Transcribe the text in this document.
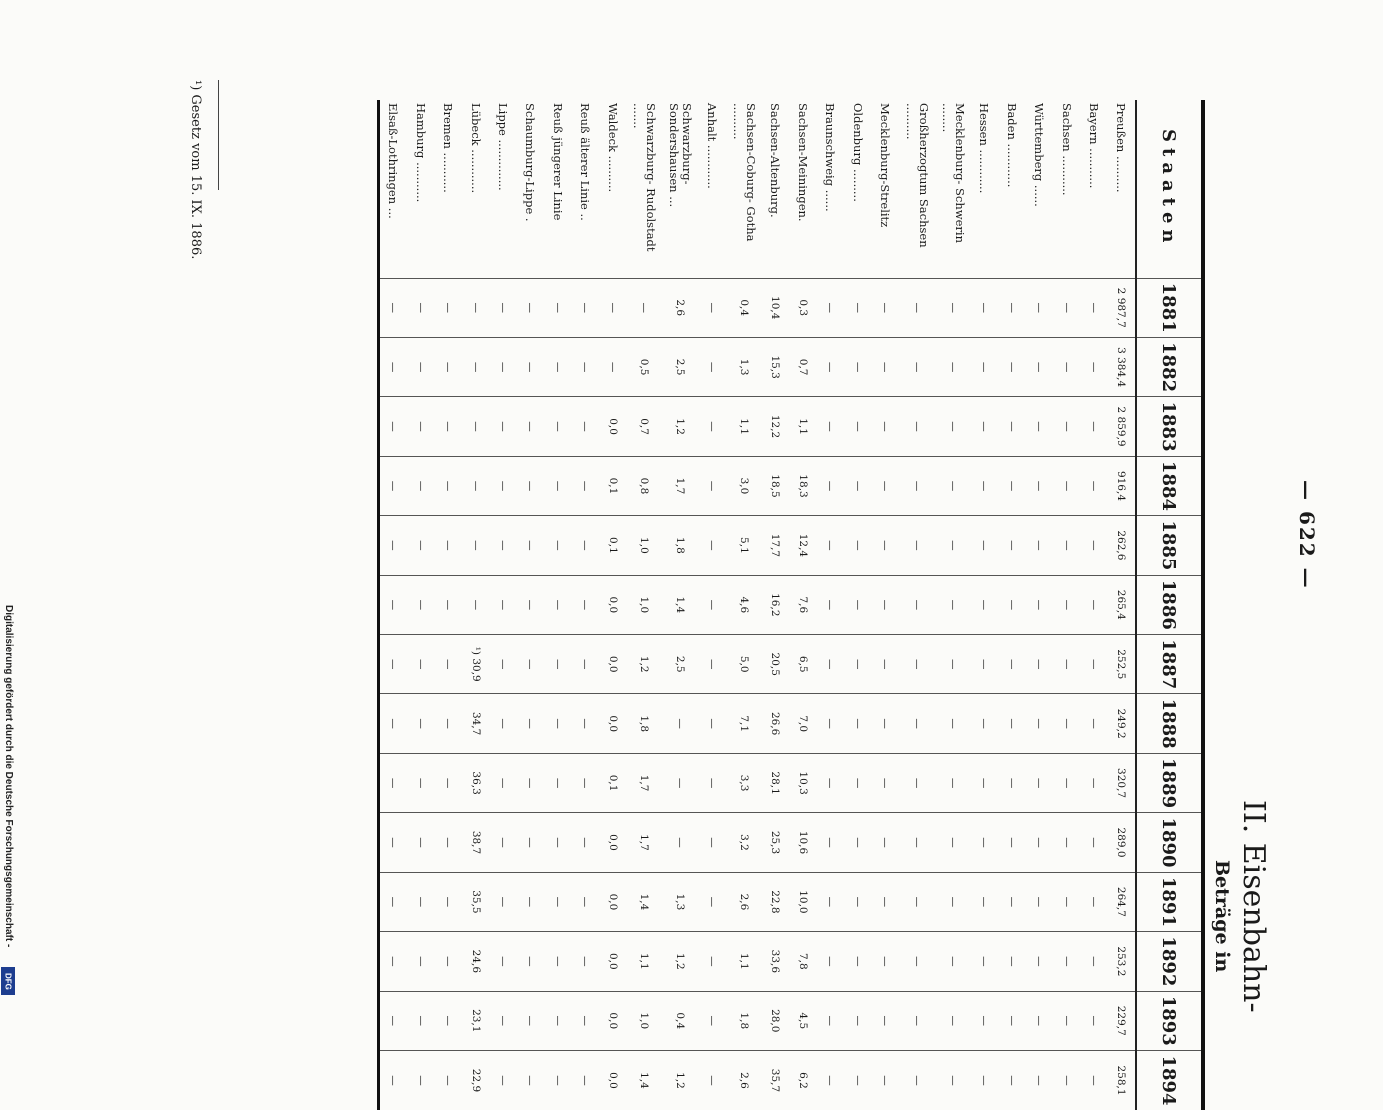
— 622 —
II. Eisenbahn-
Beträge in
Staaten	1881	1882	1883	1884	1885	1886	1887	1888	1889	1890	1891	1892	1893	1894
Preußen ..........	2 987,7	3 384,4	2 859,9	916,4	262,6	265,4	252,5	249,2	320,7	289,0	264,7	253,2	229,7	258,1
Bayern ...........	—	—	—	—	—	—	—	—	—	—	—	—	—	—
Sachsen ...........	—	—	—	—	—	—	—	—	—	—	—	—	—	—
Württemberg ......	—	—	—	—	—	—	—	—	—	—	—	—	—	—
Baden ............	—	—	—	—	—	—	—	—	—	—	—	—	—	—
Hessen ............	—	—	—	—	—	—	—	—	—	—	—	—	—	—
Mecklenburg- Schwerin ........	—	—	—	—	—	—	—	—	—	—	—	—	—	—
Großherzogtum Sachsen ..........	—	—	—	—	—	—	—	—	—	—	—	—	—	—
Mecklenburg-Strelitz	—	—	—	—	—	—	—	—	—	—	—	—	—	—
Oldenburg .........	—	—	—	—	—	—	—	—	—	—	—	—	—	—
Braunschweig ......	—	—	—	—	—	—	—	—	—	—	—	—	—	—
Sachsen-Meiningen.	0,3	0,7	1,1	18,3	12,4	7,6	6,5	7,0	10,3	10,6	10,0	7,8	4,5	6,2
Sachsen-Altenburg.	10,4	15,3	12,2	18,5	17,7	16,2	20,5	26,6	28,1	25,3	22,8	33,6	28,0	35,7
Sachsen-Coburg- Gotha ..........	0,4	1,3	1,1	3,0	5,1	4,6	5,0	7,1	3,3	3,2	2,6	1,1	1,8	2,6
Anhalt ............	—	—	—	—	—	—	—	—	—	—	—	—	—	—
Schwarzburg- Sondershausen ...	2,6	2,5	1,2	1,7	1,8	1,4	2,5	—	—	—	1,3	1,2	0,4	1,2
Schwarzburg- Rudolstadt .......	—	0,5	0,7	0,8	1,0	1,0	1,2	1,8	1,7	1,7	1,4	1,1	1,0	1,4
Waldeck ..........	—	—	0,0	0,1	0,1	0,0	0,0	0,0	0,1	0,0	0,0	0,0	0,0	0,0
Reuß älterer Linie ..	—	—	—	—	—	—	—	—	—	—	—	—	—	—
Reuß jüngerer Linie	—	—	—	—	—	—	—	—	—	—	—	—	—	—
Schaumburg-Lippe .	—	—	—	—	—	—	—	—	—	—	—	—	—	—
Lippe ..............	—	—	—	—	—	—	—	—	—	—	—	—	—	—
Lübeck ............	—	—	—	—	—	—	¹) 30,9	34,7	36,3	38,7	35,5	24,6	23,1	22,9
Bremen ...........	—	—	—	—	—	—	—	—	—	—	—	—	—	—
Hamburg ...........	—	—	—	—	—	—	—	—	—	—	—	—	—	—
Elsaß-Lothringen ...	—	—	—	—	—	—	—	—	—	—	—	—	—	—
¹) Gesetz vom 15. IX. 1886.
Digitalisierung gefördert durch die Deutsche Forschungsgemeinschaft -
DFG
